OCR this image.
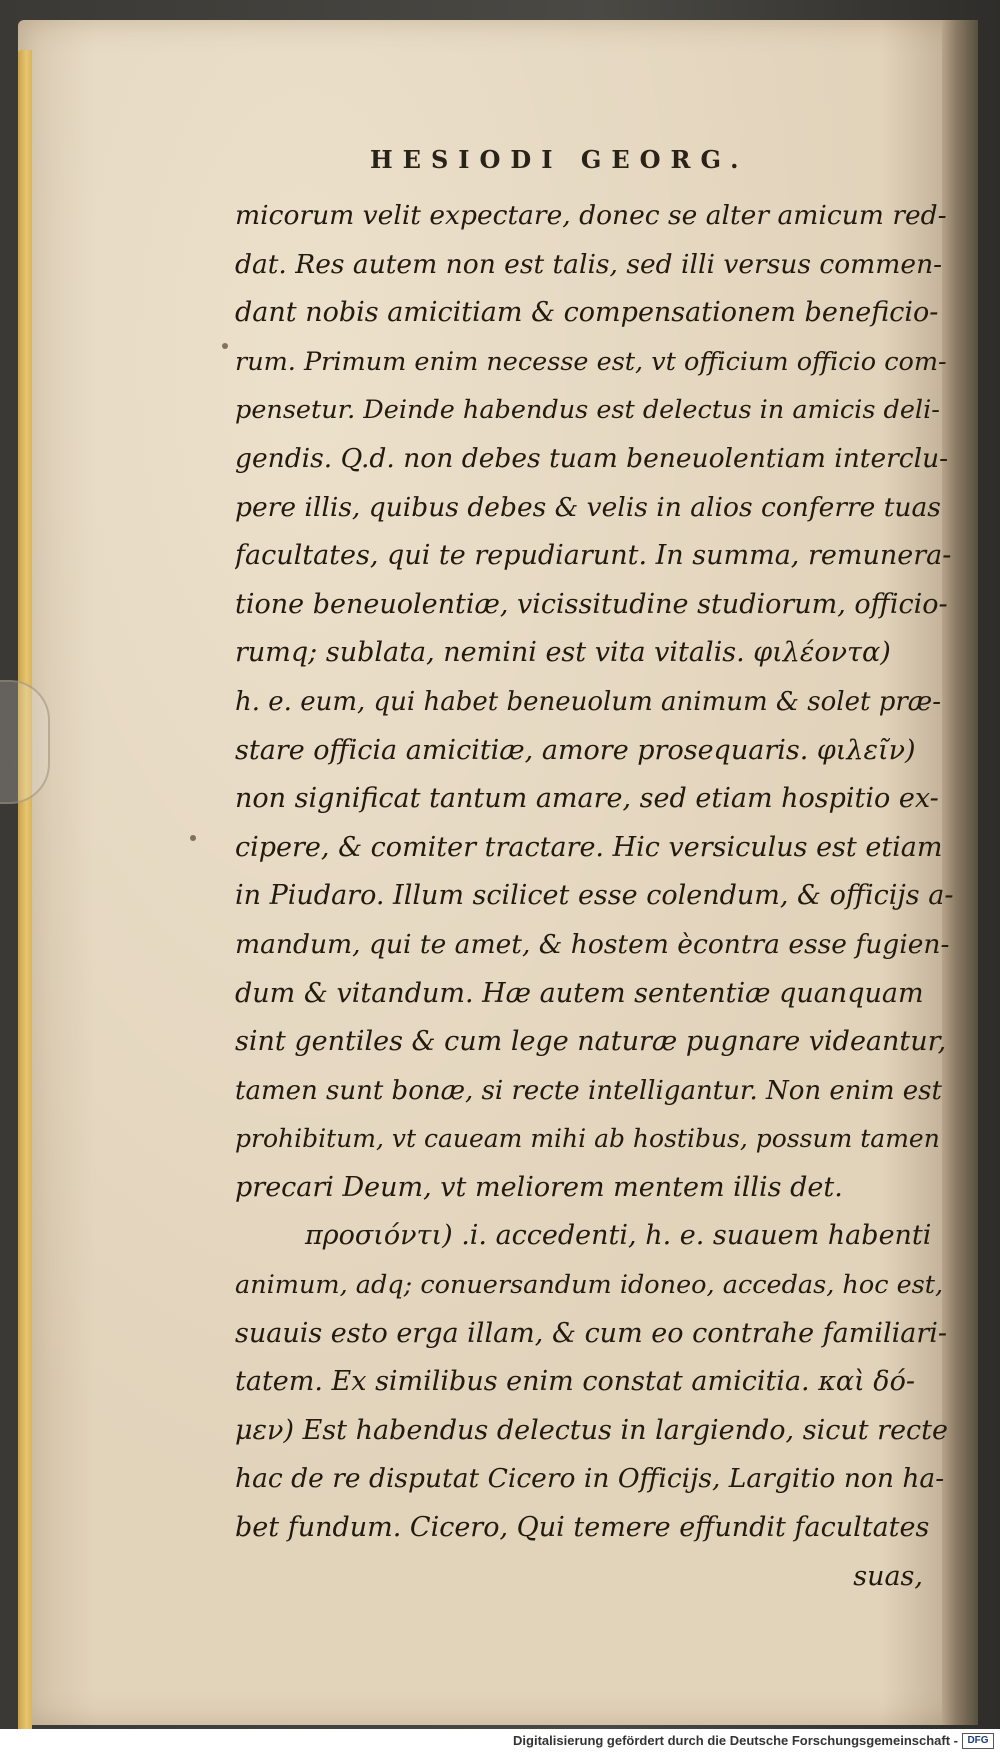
HESIODI GEORG.
micorum velit expectare, donec se alter amicum red-
dat. Res autem non est talis, sed illi versus commen-
dant nobis amicitiam & compensationem beneficio-
rum. Primum enim necesse est, vt officium officio com-
pensetur. Deinde habendus est delectus in amicis deli-
gendis. Q.d. non debes tuam beneuolentiam interclu-
pere illis, quibus debes & velis in alios conferre tuas
facultates, qui te repudiarunt. In summa, remunera-
tione beneuolentiæ, vicissitudine studiorum, officio-
rumq; sublata, nemini est vita vitalis. φιλέοντα)
h. e. eum, qui habet beneuolum animum & solet præ-
stare officia amicitiæ, amore prosequaris. φιλεῖν)
non significat tantum amare, sed etiam hospitio ex-
cipere, & comiter tractare. Hic versiculus est etiam
in Piudaro. Illum scilicet esse colendum, & officijs a-
mandum, qui te amet, & hostem ècontra esse fugien-
dum & vitandum. Hæ autem sententiæ quanquam
sint gentiles & cum lege naturæ pugnare videantur,
tamen sunt bonæ, si recte intelligantur. Non enim est
prohibitum, vt caueam mihi ab hostibus, possum tamen
precari Deum, vt meliorem mentem illis det.
προσιόντι) .i. accedenti, h. e. suauem habenti
animum, adq; conuersandum idoneo, accedas, hoc est,
suauis esto erga illam, & cum eo contrahe familiari-
tatem. Ex similibus enim constat amicitia. καὶ δό-
μεν) Est habendus delectus in largiendo, sicut recte
hac de re disputat Cicero in Officijs, Largitio non ha-
bet fundum. Cicero, Qui temere effundit facultates
suas,
Digitalisierung gefördert durch die Deutsche Forschungsgemeinschaft - DFG
